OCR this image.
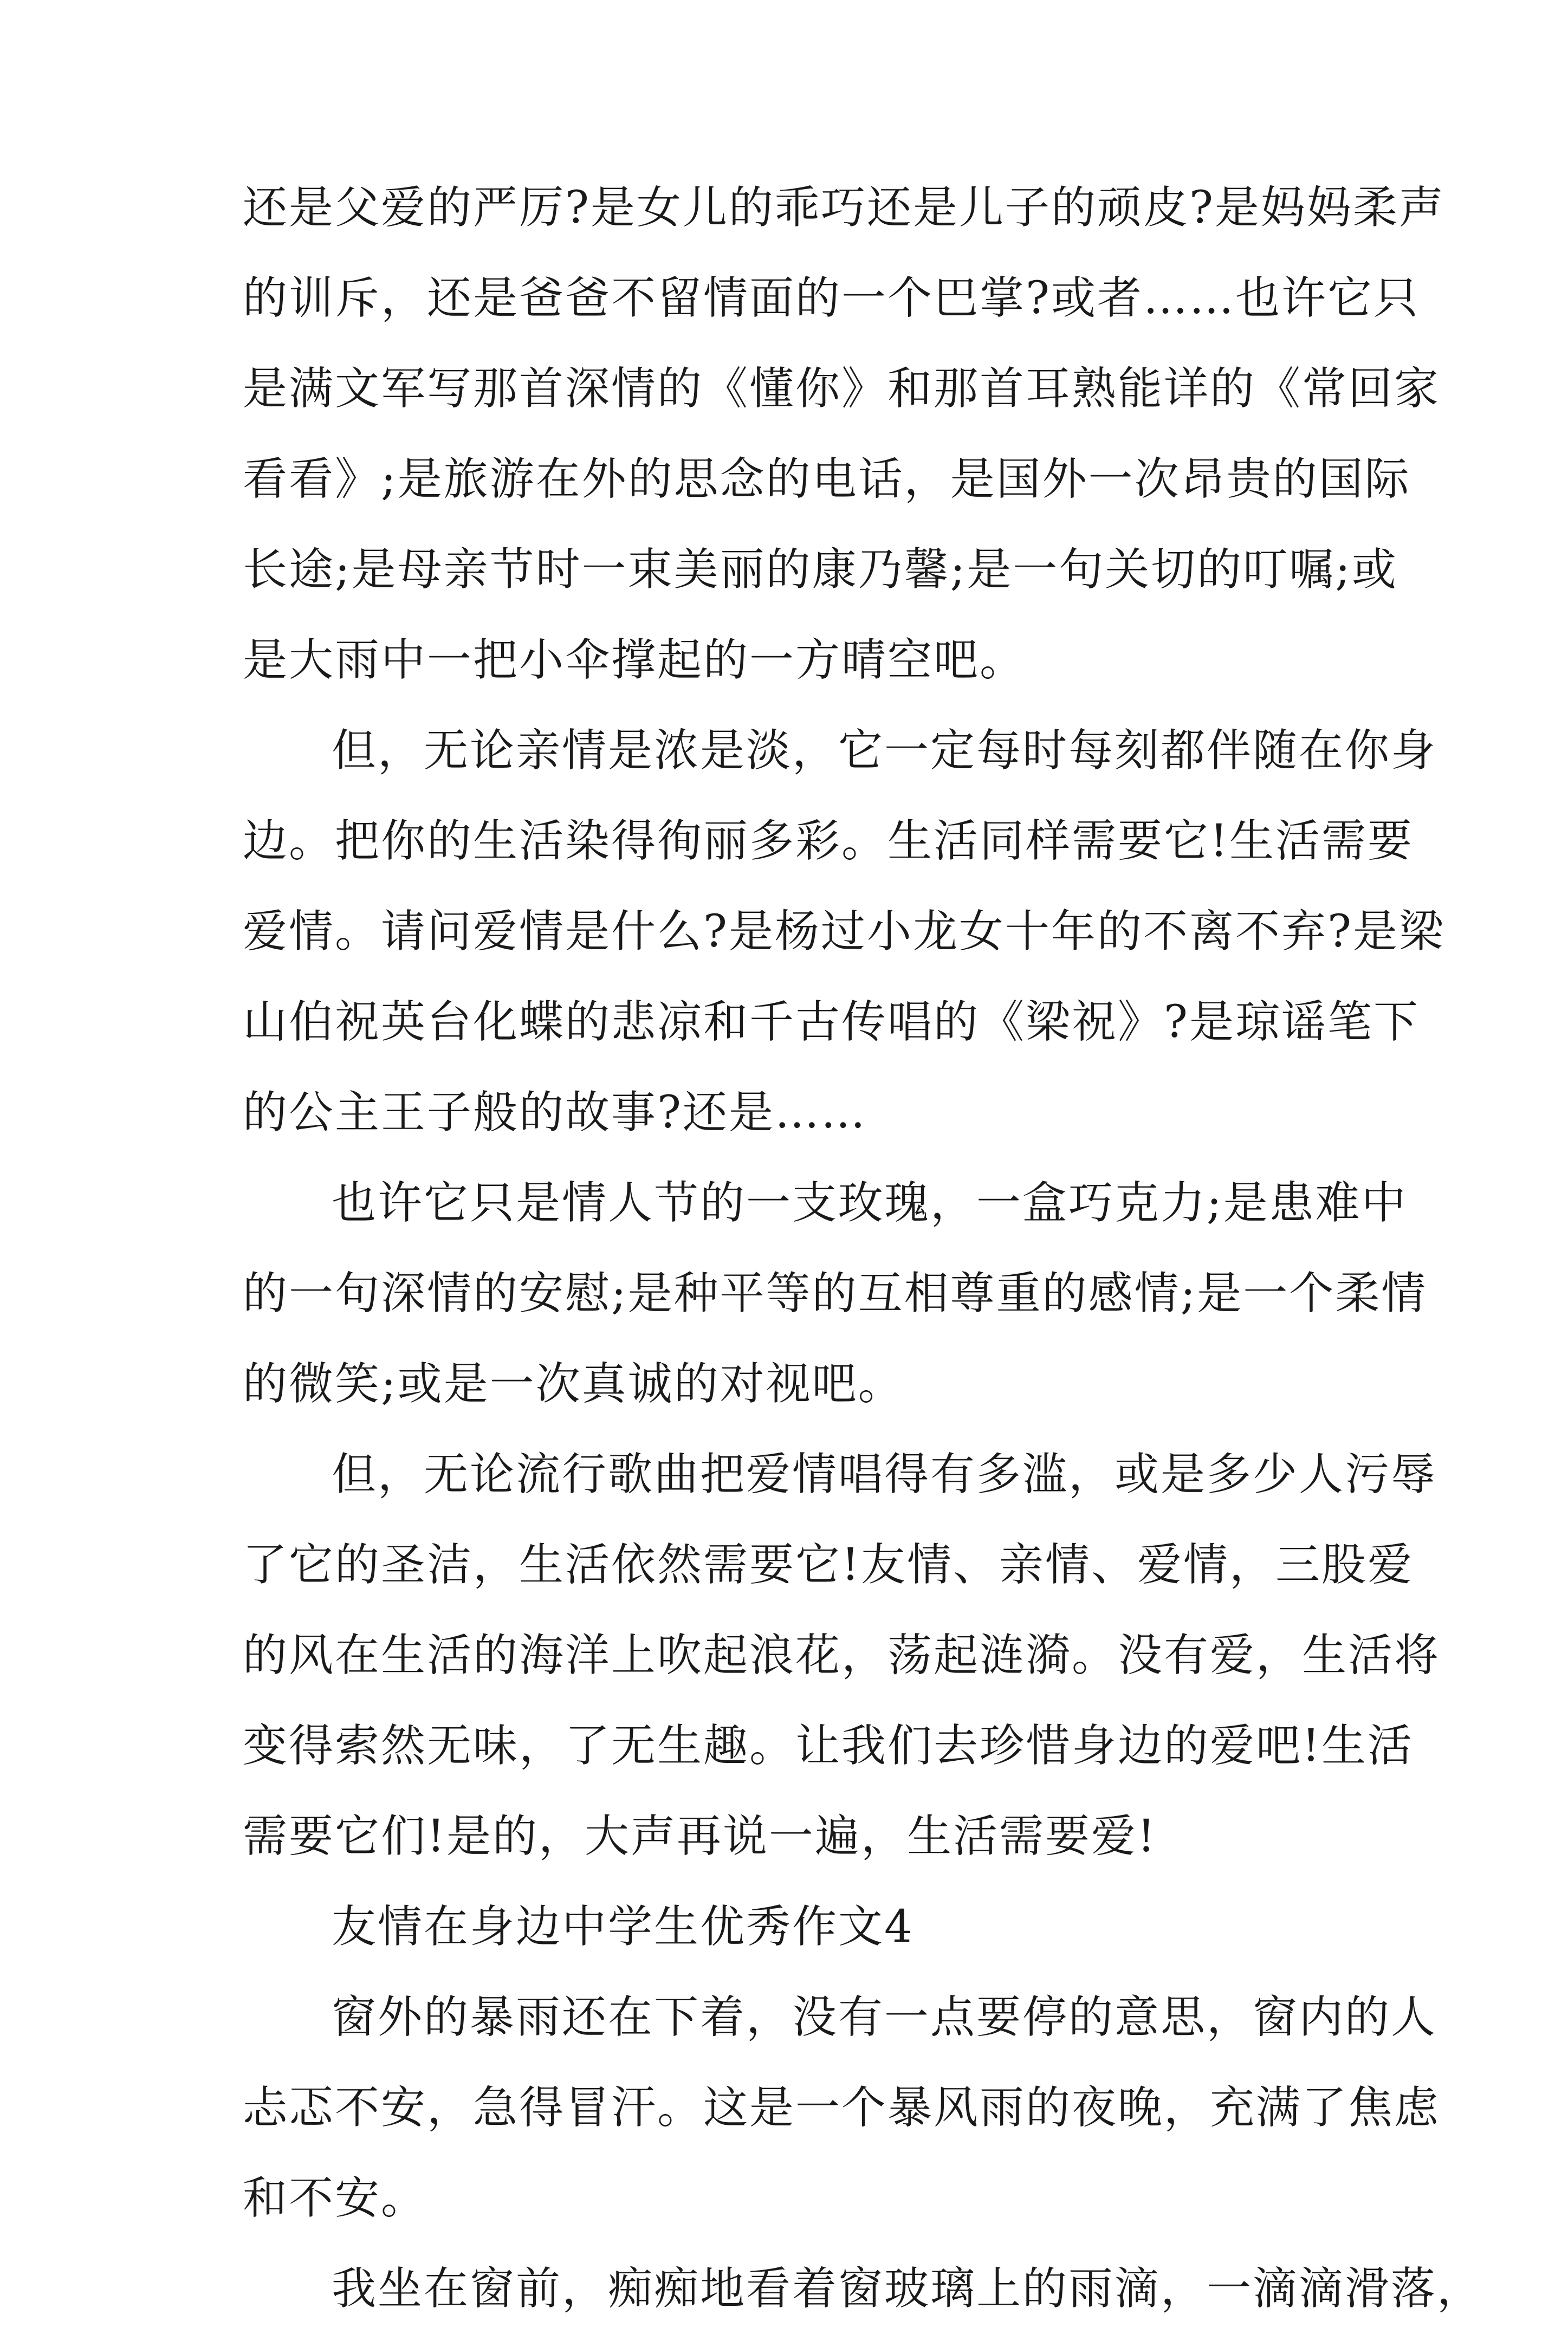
还是父爱的严厉?是女儿的乖巧还是儿子的顽皮?是妈妈柔声
的训斥，还是爸爸不留情面的一个巴掌?或者……也许它只
是满文军写那首深情的《懂你》和那首耳熟能详的《常回家
看看》;是旅游在外的思念的电话，是国外一次昂贵的国际
长途;是母亲节时一束美丽的康乃馨;是一句关切的叮嘱;或
是大雨中一把小伞撑起的一方晴空吧。
但，无论亲情是浓是淡，它一定每时每刻都伴随在你身
边。把你的生活染得徇丽多彩。生活同样需要它!生活需要
爱情。请问爱情是什么?是杨过小龙女十年的不离不弃?是梁
山伯祝英台化蝶的悲凉和千古传唱的《梁祝》?是琼谣笔下
的公主王子般的故事?还是……
也许它只是情人节的一支玫瑰，一盒巧克力;是患难中
的一句深情的安慰;是种平等的互相尊重的感情;是一个柔情
的微笑;或是一次真诚的对视吧。
但，无论流行歌曲把爱情唱得有多滥，或是多少人污辱
了它的圣洁，生活依然需要它!友情、亲情、爱情，三股爱
的风在生活的海洋上吹起浪花，荡起涟漪。没有爱，生活将
变得索然无味，了无生趣。让我们去珍惜身边的爱吧!生活
需要它们!是的，大声再说一遍，生活需要爱!
友情在身边中学生优秀作文4
窗外的暴雨还在下着，没有一点要停的意思，窗内的人
忐忑不安，急得冒汗。这是一个暴风雨的夜晚，充满了焦虑
和不安。
我坐在窗前，痴痴地看着窗玻璃上的雨滴，一滴滴滑落，
